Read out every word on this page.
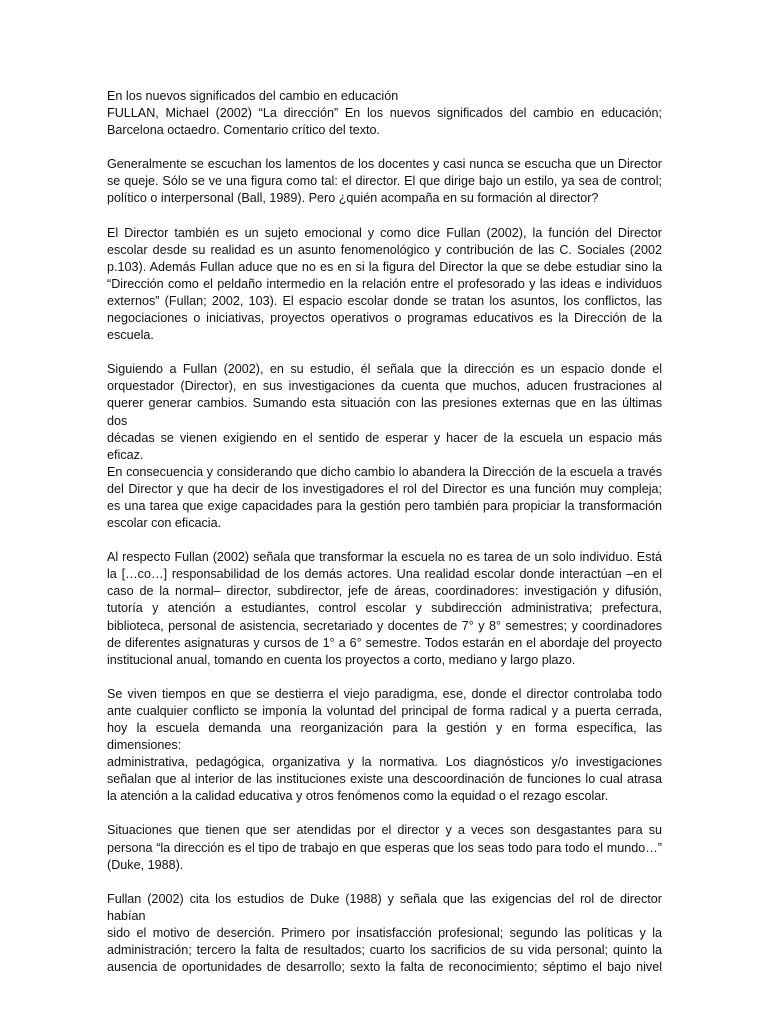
En los nuevos significados del cambio en educación
FULLAN, Michael (2002) “La dirección” En los nuevos significados del cambio en educación;
Barcelona octaedro. Comentario crítico del texto.
Generalmente se escuchan los lamentos de los docentes y casi nunca se escucha que un Director
se queje. Sólo se ve una figura como tal: el director. El que dirige bajo un estilo, ya sea de control;
político o interpersonal (Ball, 1989). Pero ¿quién acompaña en su formación al director?
El Director también es un sujeto emocional y como dice Fullan (2002), la función del Director
escolar desde su realidad es un asunto fenomenológico y contribución de las C. Sociales (2002
p.103). Además Fullan aduce que no es en si la figura del Director la que se debe estudiar sino la
“Dirección como el peldaño intermedio en la relación entre el profesorado y las ideas e individuos
externos” (Fullan; 2002, 103). El espacio escolar donde se tratan los asuntos, los conflictos, las
negociaciones o iniciativas, proyectos operativos o programas educativos es la Dirección de la
escuela.
Siguiendo a Fullan (2002), en su estudio, él señala que la dirección es un espacio donde el
orquestador (Director), en sus investigaciones da cuenta que muchos, aducen frustraciones al
querer generar cambios. Sumando esta situación con las presiones externas que en las últimas dos
décadas se vienen exigiendo en el sentido de esperar y hacer de la escuela un espacio más eficaz.
En consecuencia y considerando que dicho cambio lo abandera la Dirección de la escuela a través
del Director y que ha decir de los investigadores el rol del Director es una función muy compleja;
es una tarea que exige capacidades para la gestión pero también para propiciar la transformación
escolar con eficacia.
Al respecto Fullan (2002) señala que transformar la escuela no es tarea de un solo individuo. Está
la […co…] responsabilidad de los demás actores. Una realidad escolar donde interactúan –en el
caso de la normal– director, subdirector, jefe de áreas, coordinadores: investigación y difusión,
tutoría y atención a estudiantes, control escolar y subdirección administrativa; prefectura,
biblioteca, personal de asistencia, secretariado y docentes de 7° y 8° semestres; y coordinadores
de diferentes asignaturas y cursos de 1° a 6° semestre. Todos estarán en el abordaje del proyecto
institucional anual, tomando en cuenta los proyectos a corto, mediano y largo plazo.
Se viven tiempos en que se destierra el viejo paradigma, ese, donde el director controlaba todo
ante cualquier conflicto se imponía la voluntad del principal de forma radical y a puerta cerrada,
hoy la escuela demanda una reorganización para la gestión y en forma específica, las dimensiones:
administrativa, pedagógica, organizativa y la normativa. Los diagnósticos y/o investigaciones
señalan que al interior de las instituciones existe una descoordinación de funciones lo cual atrasa
la atención a la calidad educativa y otros fenómenos como la equidad o el rezago escolar.
Situaciones que tienen que ser atendidas por el director y a veces son desgastantes para su
persona “la dirección es el tipo de trabajo en que esperas que los seas todo para todo el mundo…”
(Duke, 1988).
Fullan (2002) cita los estudios de Duke (1988) y señala que las exigencias del rol de director habían
sido el motivo de deserción. Primero por insatisfacción profesional; segundo las políticas y la
administración; tercero la falta de resultados; cuarto los sacrificios de su vida personal; quinto la
ausencia de oportunidades de desarrollo; sexto la falta de reconocimiento; séptimo el bajo nivel
